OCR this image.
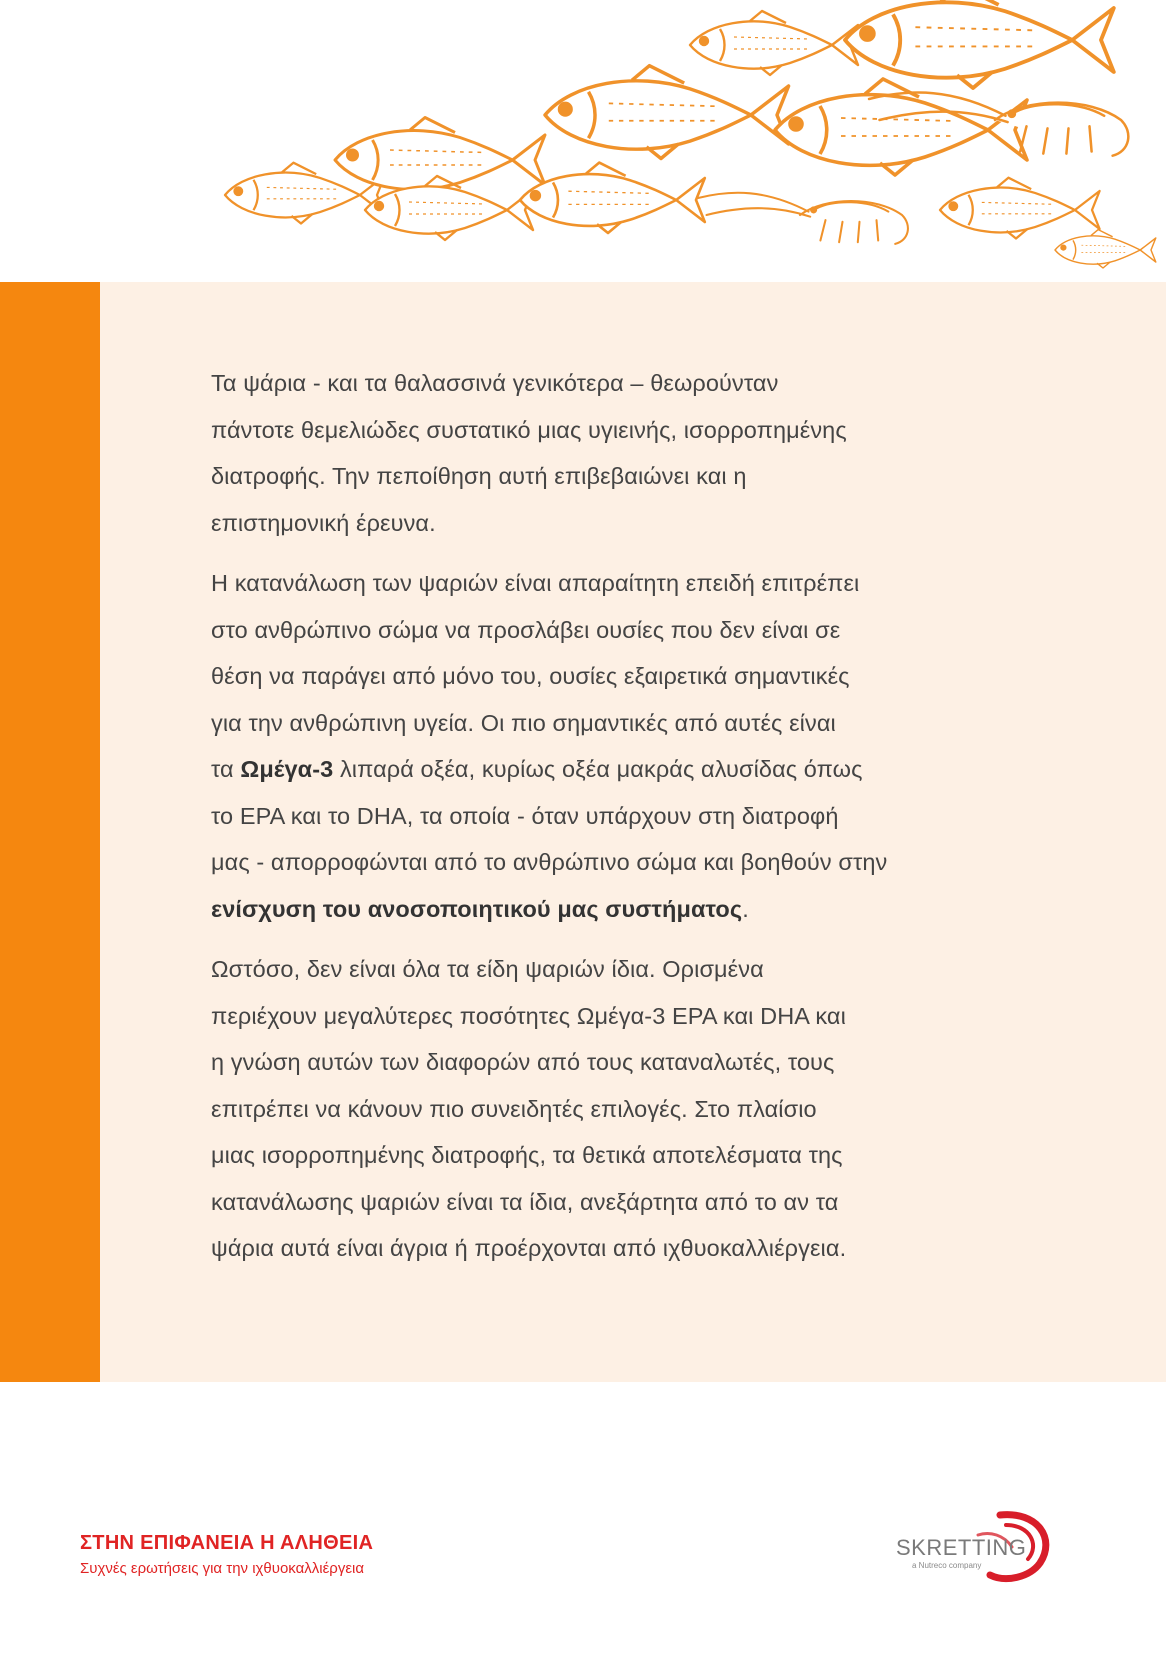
Τα ψάρια - και τα θαλασσινά γενικότερα – θεωρούνταν
πάντοτε θεμελιώδες συστατικό μιας υγιεινής, ισορροπημένης
διατροφής. Την πεποίθηση αυτή επιβεβαιώνει και η
επιστημονική έρευνα.
Η κατανάλωση των ψαριών είναι απαραίτητη επειδή επιτρέπει
στο ανθρώπινο σώμα να προσλάβει ουσίες που δεν είναι σε
θέση να παράγει από μόνο του, ουσίες εξαιρετικά σημαντικές
για την ανθρώπινη υγεία. Οι πιο σημαντικές από αυτές είναι
τα Ωμέγα-3 λιπαρά οξέα, κυρίως οξέα μακράς αλυσίδας όπως
το EPA και το DHA, τα οποία - όταν υπάρχουν στη διατροφή
μας - απορροφώνται από το ανθρώπινο σώμα και βοηθούν στην
ενίσχυση του ανοσοποιητικού μας συστήματος.
Ωστόσο, δεν είναι όλα τα είδη ψαριών ίδια. Ορισμένα
περιέχουν μεγαλύτερες ποσότητες Ωμέγα-3 EPA και DHA και
η γνώση αυτών των διαφορών από τους καταναλωτές, τους
επιτρέπει να κάνουν πιο συνειδητές επιλογές. Στο πλαίσιο
μιας ισορροπημένης διατροφής, τα θετικά αποτελέσματα της
κατανάλωσης ψαριών είναι τα ίδια, ανεξάρτητα από το αν τα
ψάρια αυτά είναι άγρια ή προέρχονται από ιχθυοκαλλιέργεια.
ΣΤΗΝ ΕΠΙΦΑΝΕΙΑ Η ΑΛΗΘΕΙΑ
Συχνές ερωτήσεις για την ιχθυοκαλλιέργεια
SKRETTING
a Nutreco company
